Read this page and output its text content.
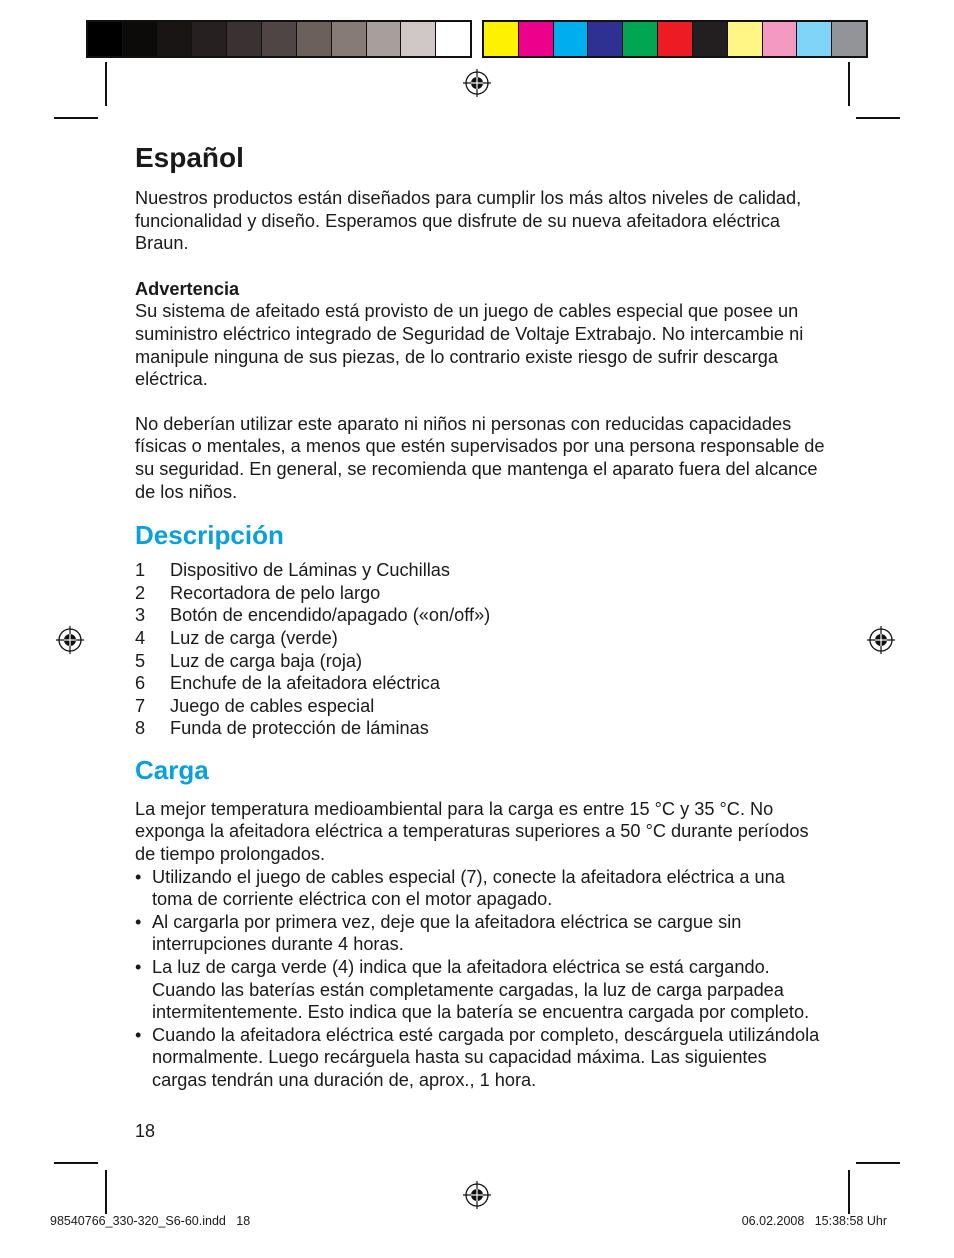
Español

Nuestros productos están diseñados para cumplir los más altos niveles de calidad, funcionalidad y diseño. Esperamos que disfrute de su nueva afeitadora eléctrica Braun.

Advertencia

Su sistema de afeitado está provisto de un juego de cables especial que posee un suministro eléctrico integrado de Seguridad de Voltaje Extrabajo. No intercambie ni manipule ninguna de sus piezas, de lo contrario existe riesgo de sufrir descarga eléctrica.

No deberían utilizar este aparato ni niños ni personas con reducidas capacidades físicas o mentales, a menos que estén supervisados por una persona responsable de su seguridad. En general, se recomienda que mantenga el aparato fuera del alcance de los niños.

Descripción
1	Dispositivo de Láminas y Cuchillas
2	Recortadora de pelo largo
3	Botón de encendido/apagado («on/off»)
4	Luz de carga (verde)
5	Luz de carga baja (roja)
6	Enchufe de la afeitadora eléctrica
7	Juego de cables especial
8	Funda de protección de láminas
Carga

La mejor temperatura medioambiental para la carga es entre 15 °C y 35 °C. No exponga la afeitadora eléctrica a temperaturas superiores a 50 °C durante períodos de tiempo prolongados.

• Utilizando el juego de cables especial (7), conecte la afeitadora eléctrica a una toma de corriente eléctrica con el motor apagado.
• Al cargarla por primera vez, deje que la afeitadora eléctrica se cargue sin interrupciones durante 4 horas.
• La luz de carga verde (4) indica que la afeitadora eléctrica se está cargando. Cuando las baterías están completamente cargadas, la luz de carga parpadea intermitentemente. Esto indica que la batería se encuentra cargada por completo.
• Cuando la afeitadora eléctrica esté cargada por completo, descárguela utilizándola normalmente. Luego recárguela hasta su capacidad máxima. Las siguientes cargas tendrán una duración de, aprox., 1 hora.
18
98540766_330-320_S6-60.indd   18	06.02.2008   15:38:58 Uhr
